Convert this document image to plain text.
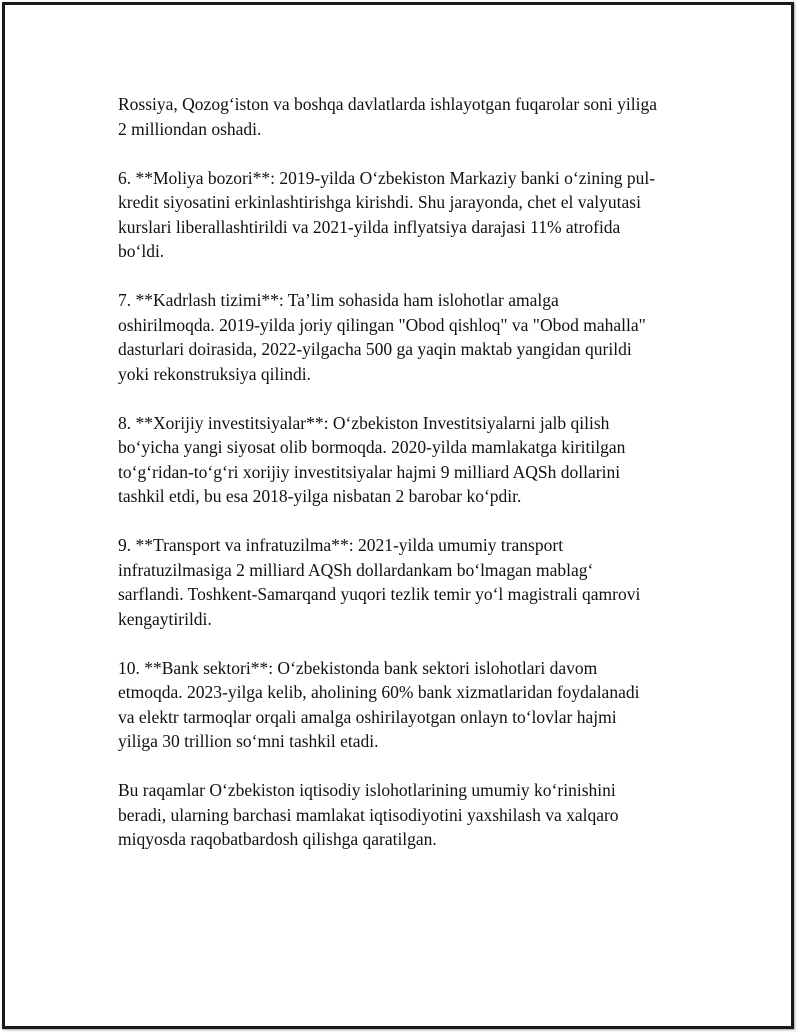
Rossiya, Qozog‘iston va boshqa davlatlarda ishlayotgan fuqarolar soni yiliga
2 milliondan oshadi.

6. **Moliya bozori**: 2019-yilda O‘zbekiston Markaziy banki o‘zining pul-
kredit siyosatini erkinlashtirishga kirishdi. Shu jarayonda, chet el valyutasi
kurslari liberallashtirildi va 2021-yilda inflyatsiya darajasi 11% atrofida
bo‘ldi.

7. **Kadrlash tizimi**: Ta’lim sohasida ham islohotlar amalga
oshirilmoqda. 2019-yilda joriy qilingan "Obod qishloq" va "Obod mahalla"
dasturlari doirasida, 2022-yilgacha 500 ga yaqin maktab yangidan qurildi
yoki rekonstruksiya qilindi.

8. **Xorijiy investitsiyalar**: O‘zbekiston Investitsiyalarni jalb qilish
bo‘yicha yangi siyosat olib bormoqda. 2020-yilda mamlakatga kiritilgan
to‘g‘ridan-to‘g‘ri xorijiy investitsiyalar hajmi 9 milliard AQSh dollarini
tashkil etdi, bu esa 2018-yilga nisbatan 2 barobar ko‘pdir.

9. **Transport va infratuzilma**: 2021-yilda umumiy transport
infratuzilmasiga 2 milliard AQSh dollardankam bo‘lmagan mablag‘
sarflandi. Toshkent-Samarqand yuqori tezlik temir yo‘l magistrali qamrovi
kengaytirildi.

10. **Bank sektori**: O‘zbekistonda bank sektori islohotlari davom
etmoqda. 2023-yilga kelib, aholining 60% bank xizmatlaridan foydalanadi
va elektr tarmoqlar orqali amalga oshirilayotgan onlayn to‘lovlar hajmi
yiliga 30 trillion so‘mni tashkil etadi.

Bu raqamlar O‘zbekiston iqtisodiy islohotlarining umumiy ko‘rinishini
beradi, ularning barchasi mamlakat iqtisodiyotini yaxshilash va xalqaro
miqyosda raqobatbardosh qilishga qaratilgan.
